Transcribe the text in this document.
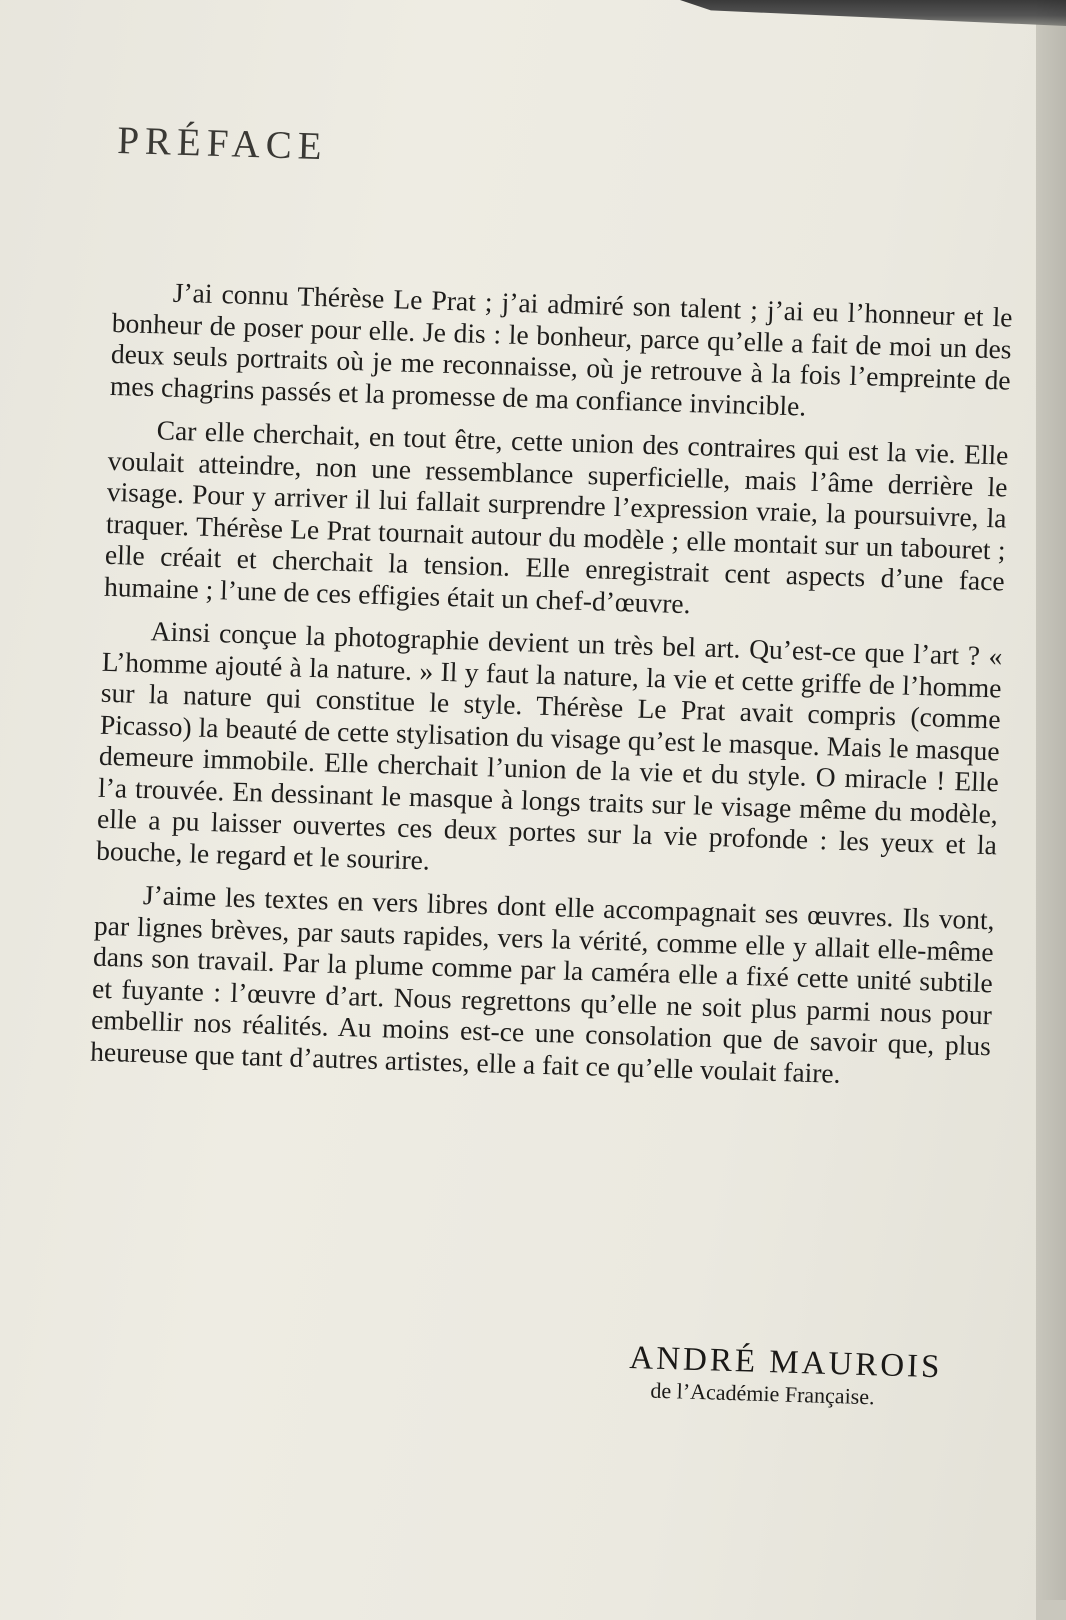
PRÉFACE

J’ai connu Thérèse Le Prat ; j’ai admiré son talent ; j’ai eu l’honneur et le bonheur de poser pour elle. Je dis : le bonheur, parce qu’elle a fait de moi un des deux seuls portraits où je me reconnaisse, où je retrouve à la fois l’empreinte de mes chagrins passés et la promesse de ma confiance invincible.

Car elle cherchait, en tout être, cette union des contraires qui est la vie. Elle voulait atteindre, non une ressemblance superficielle, mais l’âme derrière le visage. Pour y arriver il lui fallait surprendre l’expression vraie, la poursuivre, la traquer. Thérèse Le Prat tournait autour du modèle ; elle montait sur un tabouret ; elle créait et cherchait la tension. Elle enregistrait cent aspects d’une face humaine ; l’une de ces effigies était un chef-d’œuvre.

Ainsi conçue la photographie devient un très bel art. Qu’est-ce que l’art ? « L’homme ajouté à la nature. » Il y faut la nature, la vie et cette griffe de l’homme sur la nature qui constitue le style. Thérèse Le Prat avait compris (comme Picasso) la beauté de cette stylisation du visage qu’est le masque. Mais le masque demeure immobile. Elle cherchait l’union de la vie et du style. O miracle ! Elle l’a trouvée. En dessinant le masque à longs traits sur le visage même du modèle, elle a pu laisser ouvertes ces deux portes sur la vie profonde : les yeux et la bouche, le regard et le sourire.

J’aime les textes en vers libres dont elle accompagnait ses œuvres. Ils vont, par lignes brèves, par sauts rapides, vers la vérité, comme elle y allait elle-même dans son travail. Par la plume comme par la caméra elle a fixé cette unité subtile et fuyante : l’œuvre d’art. Nous regrettons qu’elle ne soit plus parmi nous pour embellir nos réalités. Au moins est-ce une consolation que de savoir que, plus heureuse que tant d’autres artistes, elle a fait ce qu’elle voulait faire.

ANDRÉ MAUROIS
de l’Académie Française.
